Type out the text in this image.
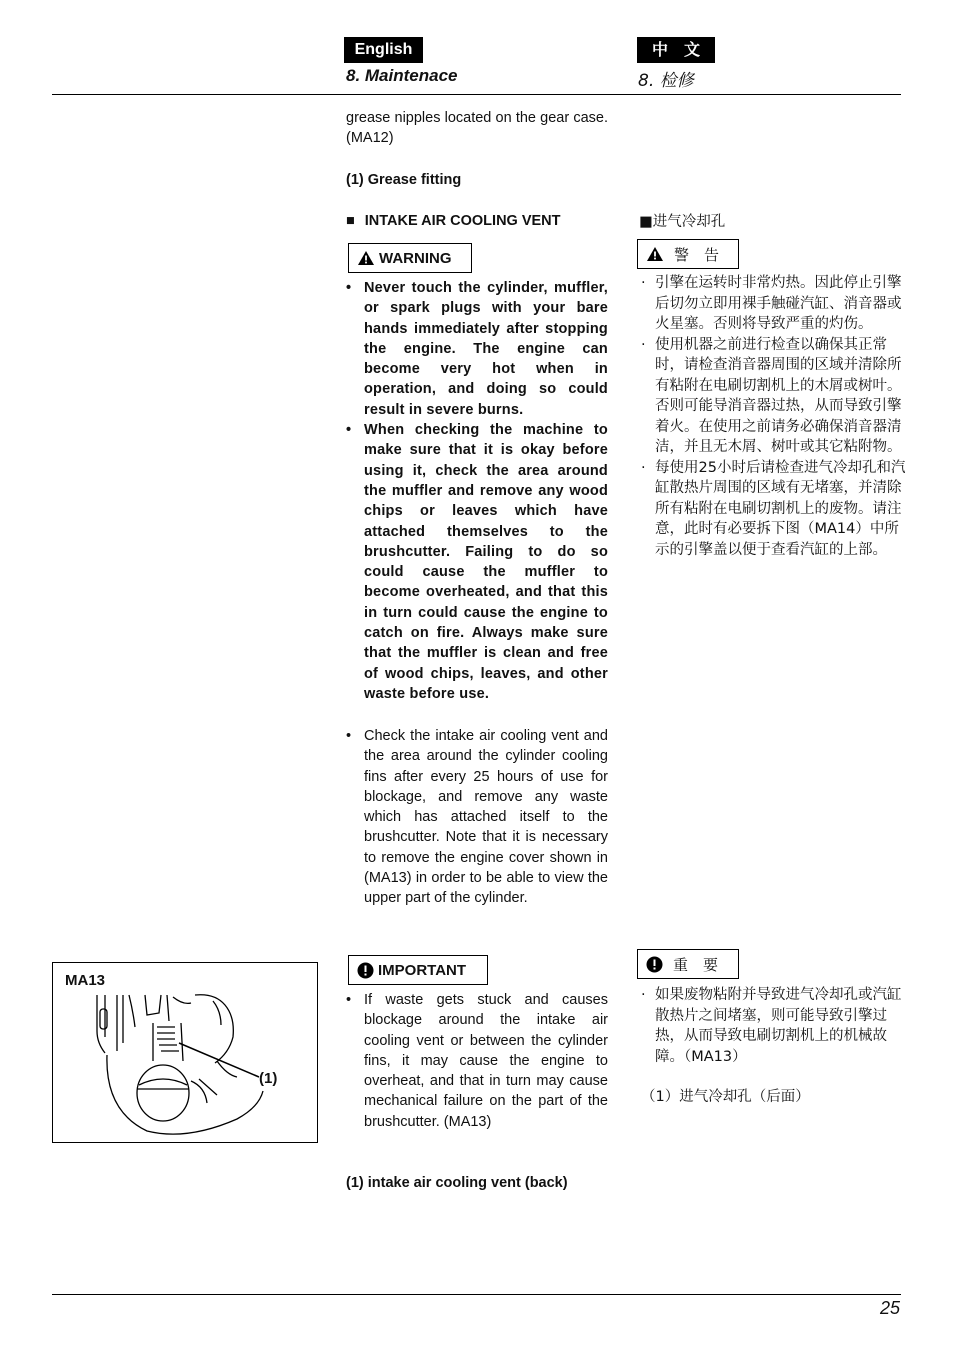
English	中　文
8. Maintenace	8. 检修

grease nipples located on the gear case. (MA12)

(1) Grease fitting

■ INTAKE AIR COOLING VENT

WARNING
• Never touch the cylinder, muffler, or spark plugs with your bare hands immediately after stopping the engine. The engine can become very hot when in operation, and doing so could result in severe burns.
• When checking the machine to make sure that it is okay before using it, check the area around the muffler and remove any wood chips or leaves which have attached themselves to the brushcutter. Failing to do so could cause the muffler to become overheated, and that this in turn could cause the engine to catch on fire. Always make sure that the muffler is clean and free of wood chips, leaves, and other waste before use.
• Check the intake air cooling vent and the area around the cylinder cooling fins after every 25 hours of use for blockage, and remove any waste which has attached itself to the brushcutter. Note that it is necessary to remove the engine cover shown in (MA13) in order to be able to view the upper part of the cylinder.
IMPORTANT
• If waste gets stuck and causes blockage around the intake air cooling vent or between the cylinder fins, it may cause the engine to overheat, and that in turn may cause mechanical failure on the part of the brushcutter. (MA13)
(1) intake air cooling vent (back)
■进气冷却孔
警　告
· 引擎在运转时非常灼热。因此停止引擎后切勿立即用裸手触碰汽缸、消音器或火星塞。否则将导致严重的灼伤。
· 使用机器之前进行检查以确保其正常时，请检查消音器周围的区域并清除所有粘附在电刷切割机上的木屑或树叶。否则可能导消音器过热，从而导致引擎着火。在使用之前请务必确保消音器清洁，并且无木屑、树叶或其它粘附物。
· 每使用25小时后请检查进气冷却孔和汽缸散热片周围的区域有无堵塞，并清除所有粘附在电刷切割机上的废物。请注意，此时有必要拆下图（MA14）中所示的引擎盖以便于查看汽缸的上部。
重　要
· 如果废物粘附并导致进气冷却孔或汽缸散热片之间堵塞，则可能导致引擎过热，从而导致电刷切割机上的机械故障。（MA13）
（1）进气冷却孔（后面）
MA13
(1)
25
